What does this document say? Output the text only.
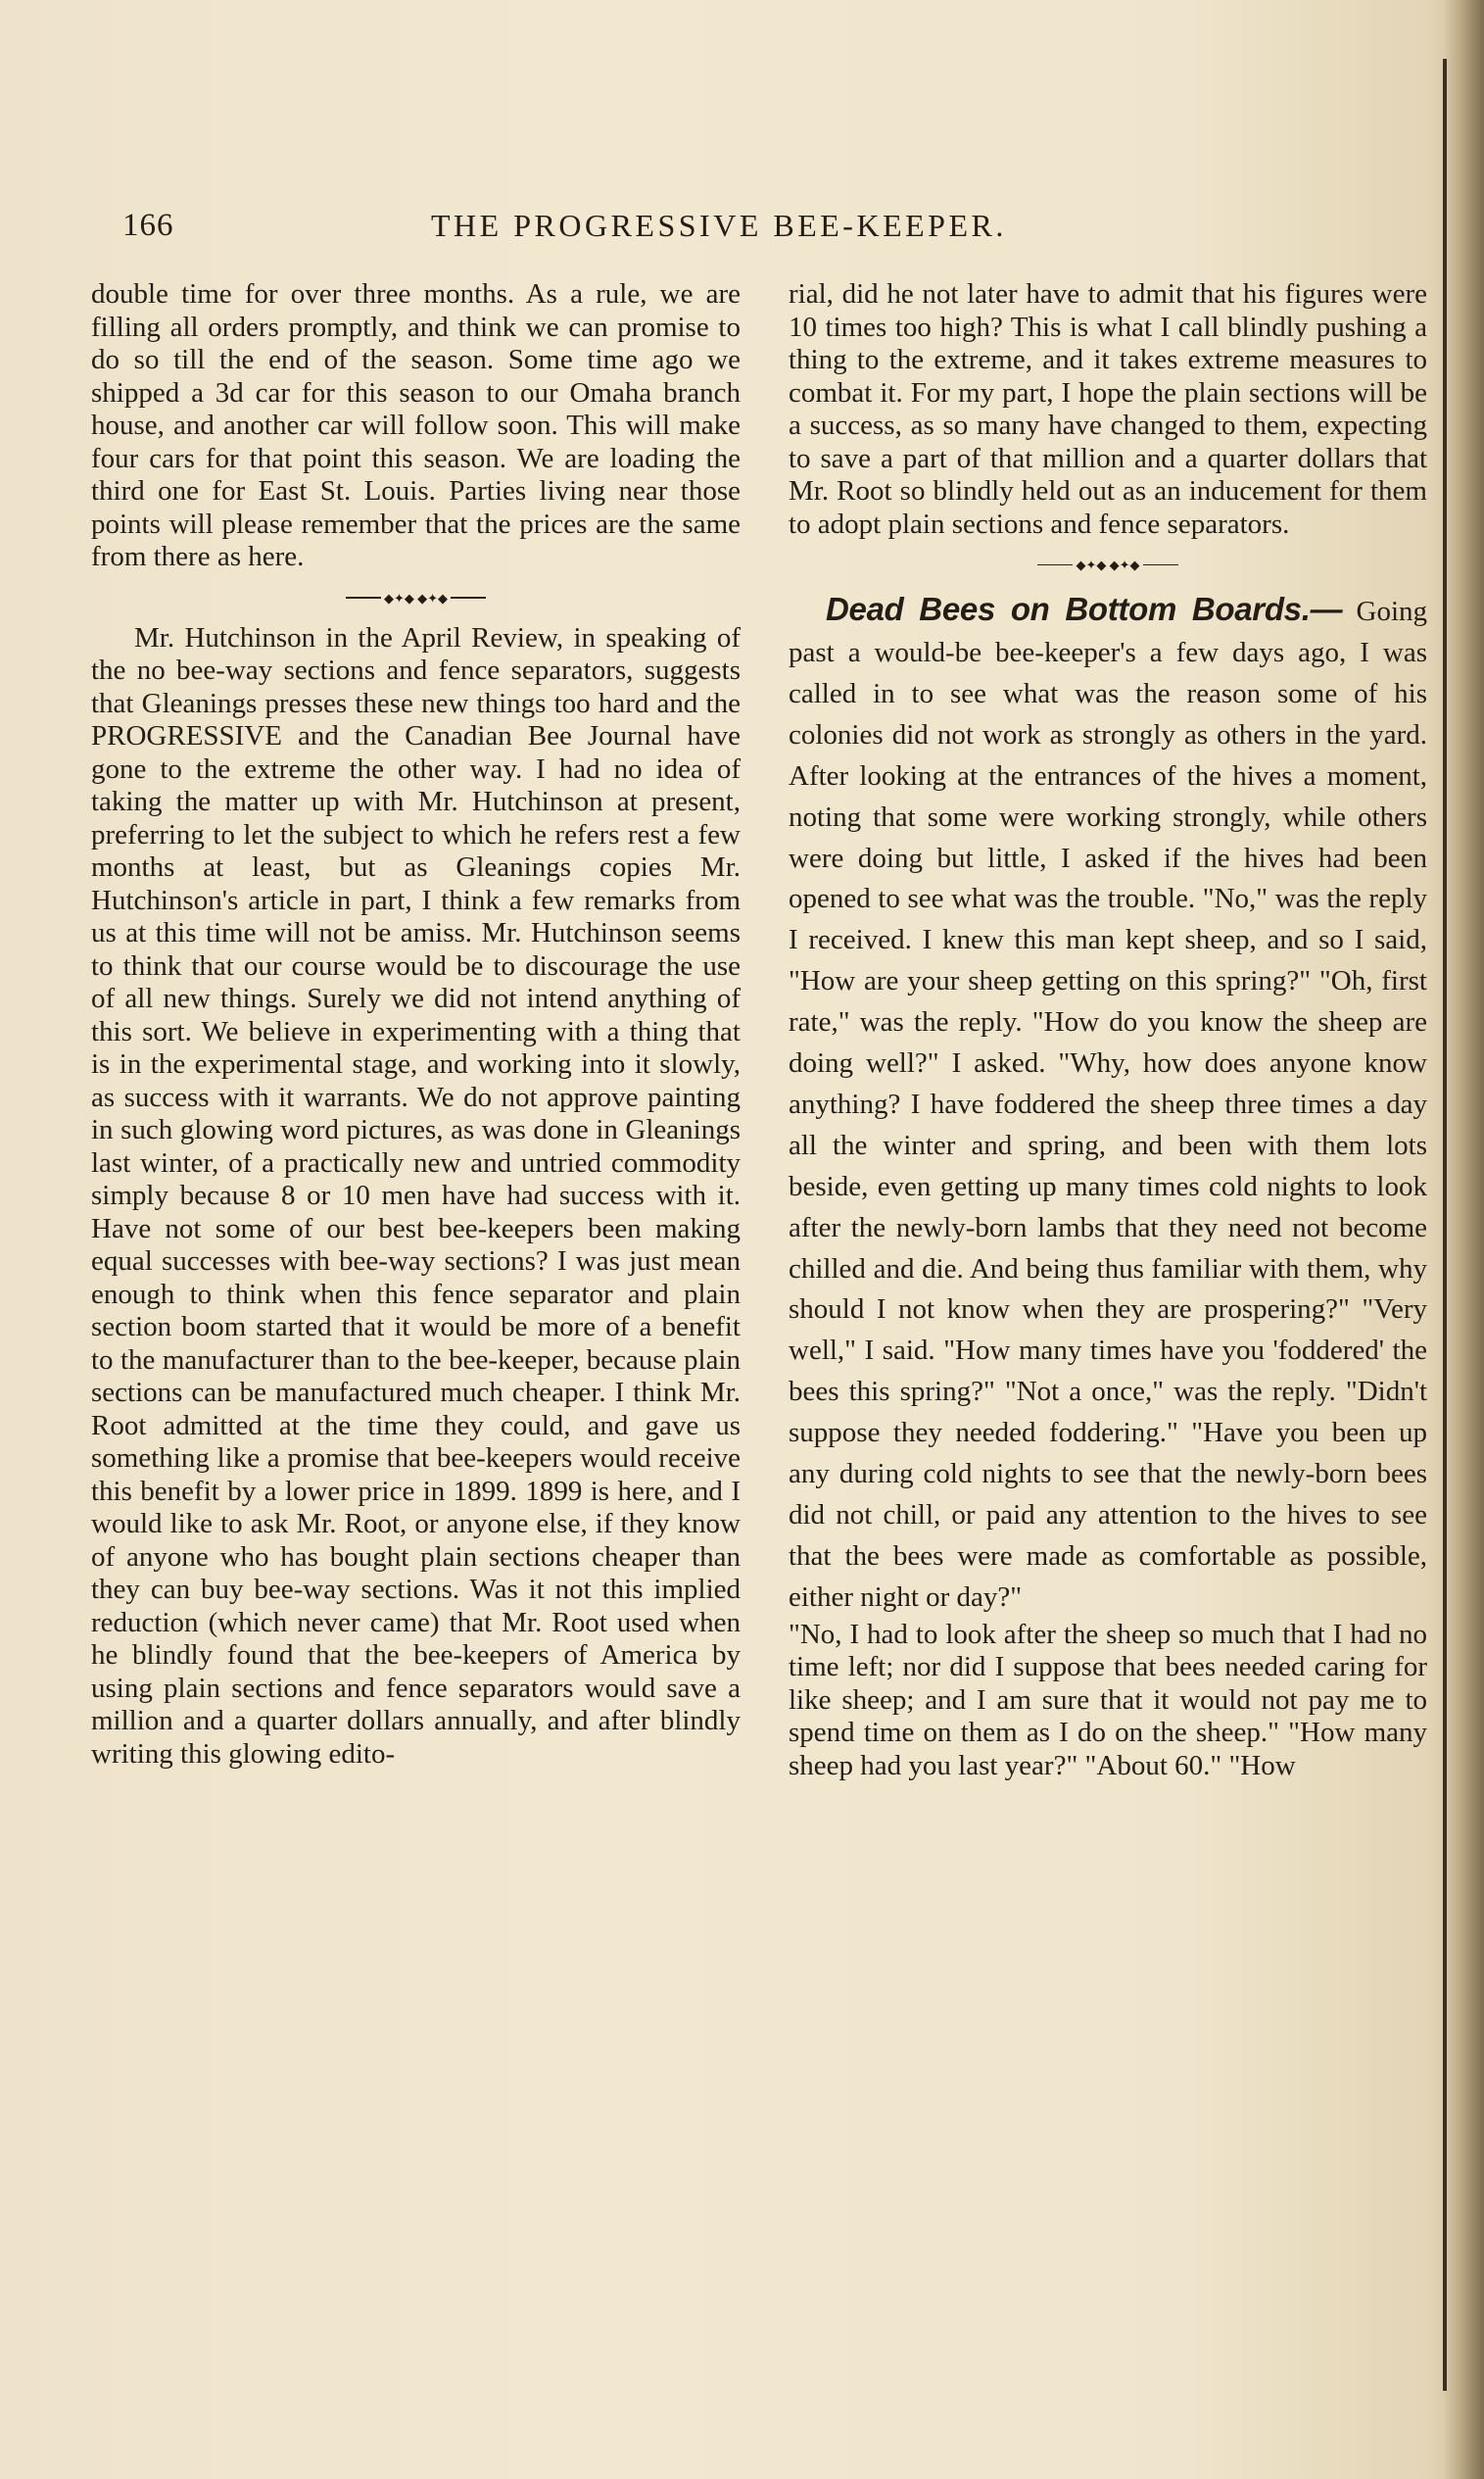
166	THE PROGRESSIVE BEE-KEEPER.

double time for over three months. As a rule, we are filling all orders promptly, and think we can promise to do so till the end of the season. Some time ago we shipped a 3d car for this season to our Omaha branch house, and another car will follow soon. This will make four cars for that point this season. We are loading the third one for East St. Louis. Parties living near those points will please remember that the prices are the same from there as here.

◆✦◆ ◆✦◆

Mr. Hutchinson in the April Review, in speaking of the no bee-way sections and fence separators, suggests that Gleanings presses these new things too hard and the PROGRESSIVE and the Canadian Bee Journal have gone to the extreme the other way. I had no idea of taking the matter up with Mr. Hutchinson at present, preferring to let the subject to which he refers rest a few months at least, but as Gleanings copies Mr. Hutchinson's article in part, I think a few remarks from us at this time will not be amiss. Mr. Hutchinson seems to think that our course would be to discourage the use of all new things. Surely we did not intend anything of this sort. We believe in experimenting with a thing that is in the experimental stage, and working into it slowly, as success with it warrants. We do not approve painting in such glowing word pictures, as was done in Gleanings last winter, of a practically new and untried commodity simply because 8 or 10 men have had success with it. Have not some of our best bee-keepers been making equal successes with bee-way sections? I was just mean enough to think when this fence separator and plain section boom started that it would be more of a benefit to the manufacturer than to the bee-keeper, because plain sections can be manufactured much cheaper. I think Mr. Root admitted at the time they could, and gave us something like a promise that bee-keepers would receive this benefit by a lower price in 1899. 1899 is here, and I would like to ask Mr. Root, or anyone else, if they know of anyone who has bought plain sections cheaper than they can buy bee-way sections. Was it not this implied reduction (which never came) that Mr. Root used when he blindly found that the bee-keepers of America by using plain sections and fence separators would save a million and a quarter dollars annually, and after blindly writing this glowing edito-

rial, did he not later have to admit that his figures were 10 times too high? This is what I call blindly pushing a thing to the extreme, and it takes extreme measures to combat it. For my part, I hope the plain sections will be a success, as so many have changed to them, expecting to save a part of that million and a quarter dollars that Mr. Root so blindly held out as an inducement for them to adopt plain sections and fence separators.

◆✦◆ ◆✦◆

Dead Bees on Bottom Boards.— Going past a would-be bee-keeper's a few days ago, I was called in to see what was the reason some of his colonies did not work as strongly as others in the yard. After looking at the entrances of the hives a moment, noting that some were working strongly, while others were doing but little, I asked if the hives had been opened to see what was the trouble. "No," was the reply I received. I knew this man kept sheep, and so I said, "How are your sheep getting on this spring?" "Oh, first rate," was the reply. "How do you know the sheep are doing well?" I asked. "Why, how does anyone know anything? I have foddered the sheep three times a day all the winter and spring, and been with them lots beside, even getting up many times cold nights to look after the newly-born lambs that they need not become chilled and die. And being thus familiar with them, why should I not know when they are prospering?" "Very well," I said. "How many times have you 'foddered' the bees this spring?" "Not a once," was the reply. "Didn't suppose they needed foddering." "Have you been up any during cold nights to see that the newly-born bees did not chill, or paid any attention to the hives to see that the bees were made as comfortable as possible, either night or day?"

"No, I had to look after the sheep so much that I had no time left; nor did I suppose that bees needed caring for like sheep; and I am sure that it would not pay me to spend time on them as I do on the sheep." "How many sheep had you last year?" "About 60." "How
